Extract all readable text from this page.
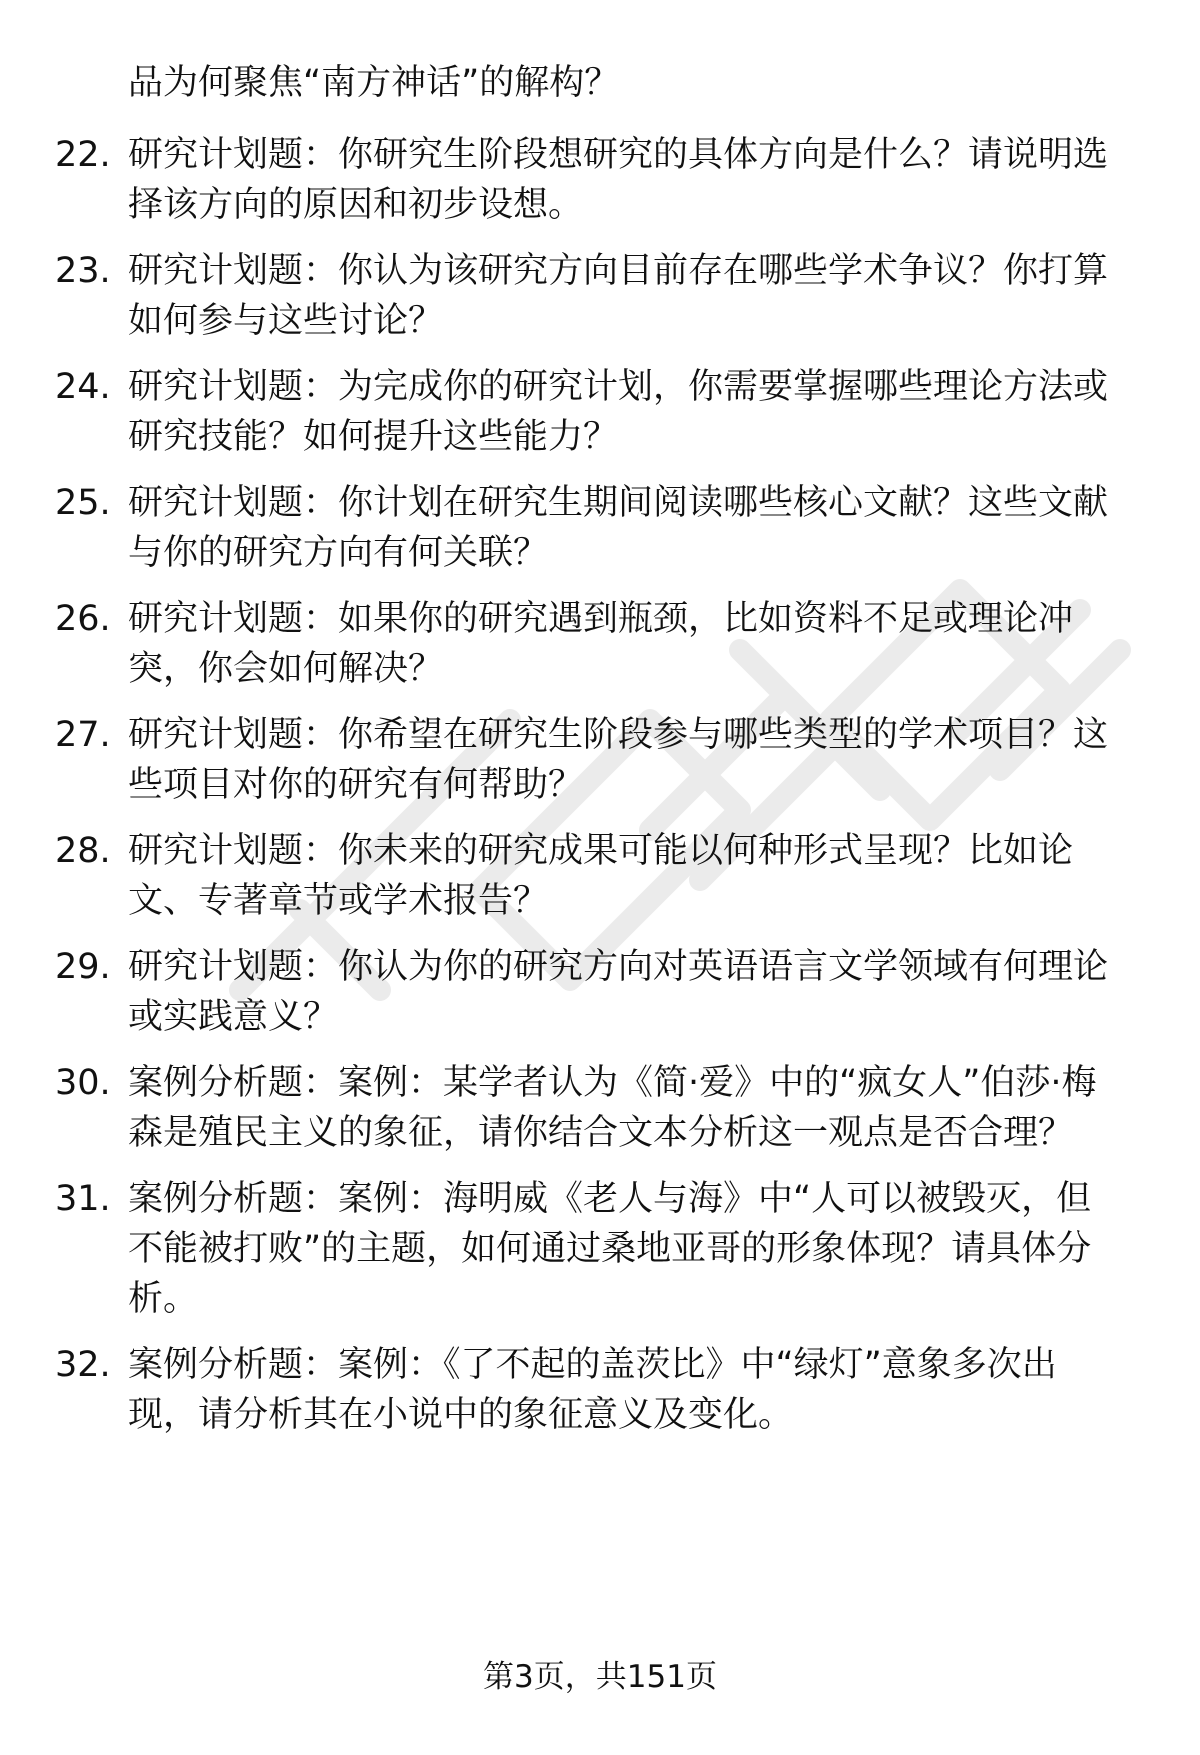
品为何聚焦“南方神话”的解构？
22. 研究计划题：你研究生阶段想研究的具体方向是什么？请说明选
择该方向的原因和初步设想。
23. 研究计划题：你认为该研究方向目前存在哪些学术争议？你打算
如何参与这些讨论？
24. 研究计划题：为完成你的研究计划，你需要掌握哪些理论方法或
研究技能？如何提升这些能力？
25. 研究计划题：你计划在研究生期间阅读哪些核心文献？这些文献
与你的研究方向有何关联？
26. 研究计划题：如果你的研究遇到瓶颈，比如资料不足或理论冲
突，你会如何解决？
27. 研究计划题：你希望在研究生阶段参与哪些类型的学术项目？这
些项目对你的研究有何帮助？
28. 研究计划题：你未来的研究成果可能以何种形式呈现？比如论
文、专著章节或学术报告？
29. 研究计划题：你认为你的研究方向对英语语言文学领域有何理论
或实践意义？
30. 案例分析题：案例：某学者认为《简·爱》中的“疯女人”伯莎·梅
森是殖民主义的象征，请你结合文本分析这一观点是否合理？
31. 案例分析题：案例：海明威《老人与海》中“人可以被毁灭，但
不能被打败”的主题，如何通过桑地亚哥的形象体现？请具体分
析。
32. 案例分析题：案例：《了不起的盖茨比》中“绿灯”意象多次出
现，请分析其在小说中的象征意义及变化。
第3页，共151页
